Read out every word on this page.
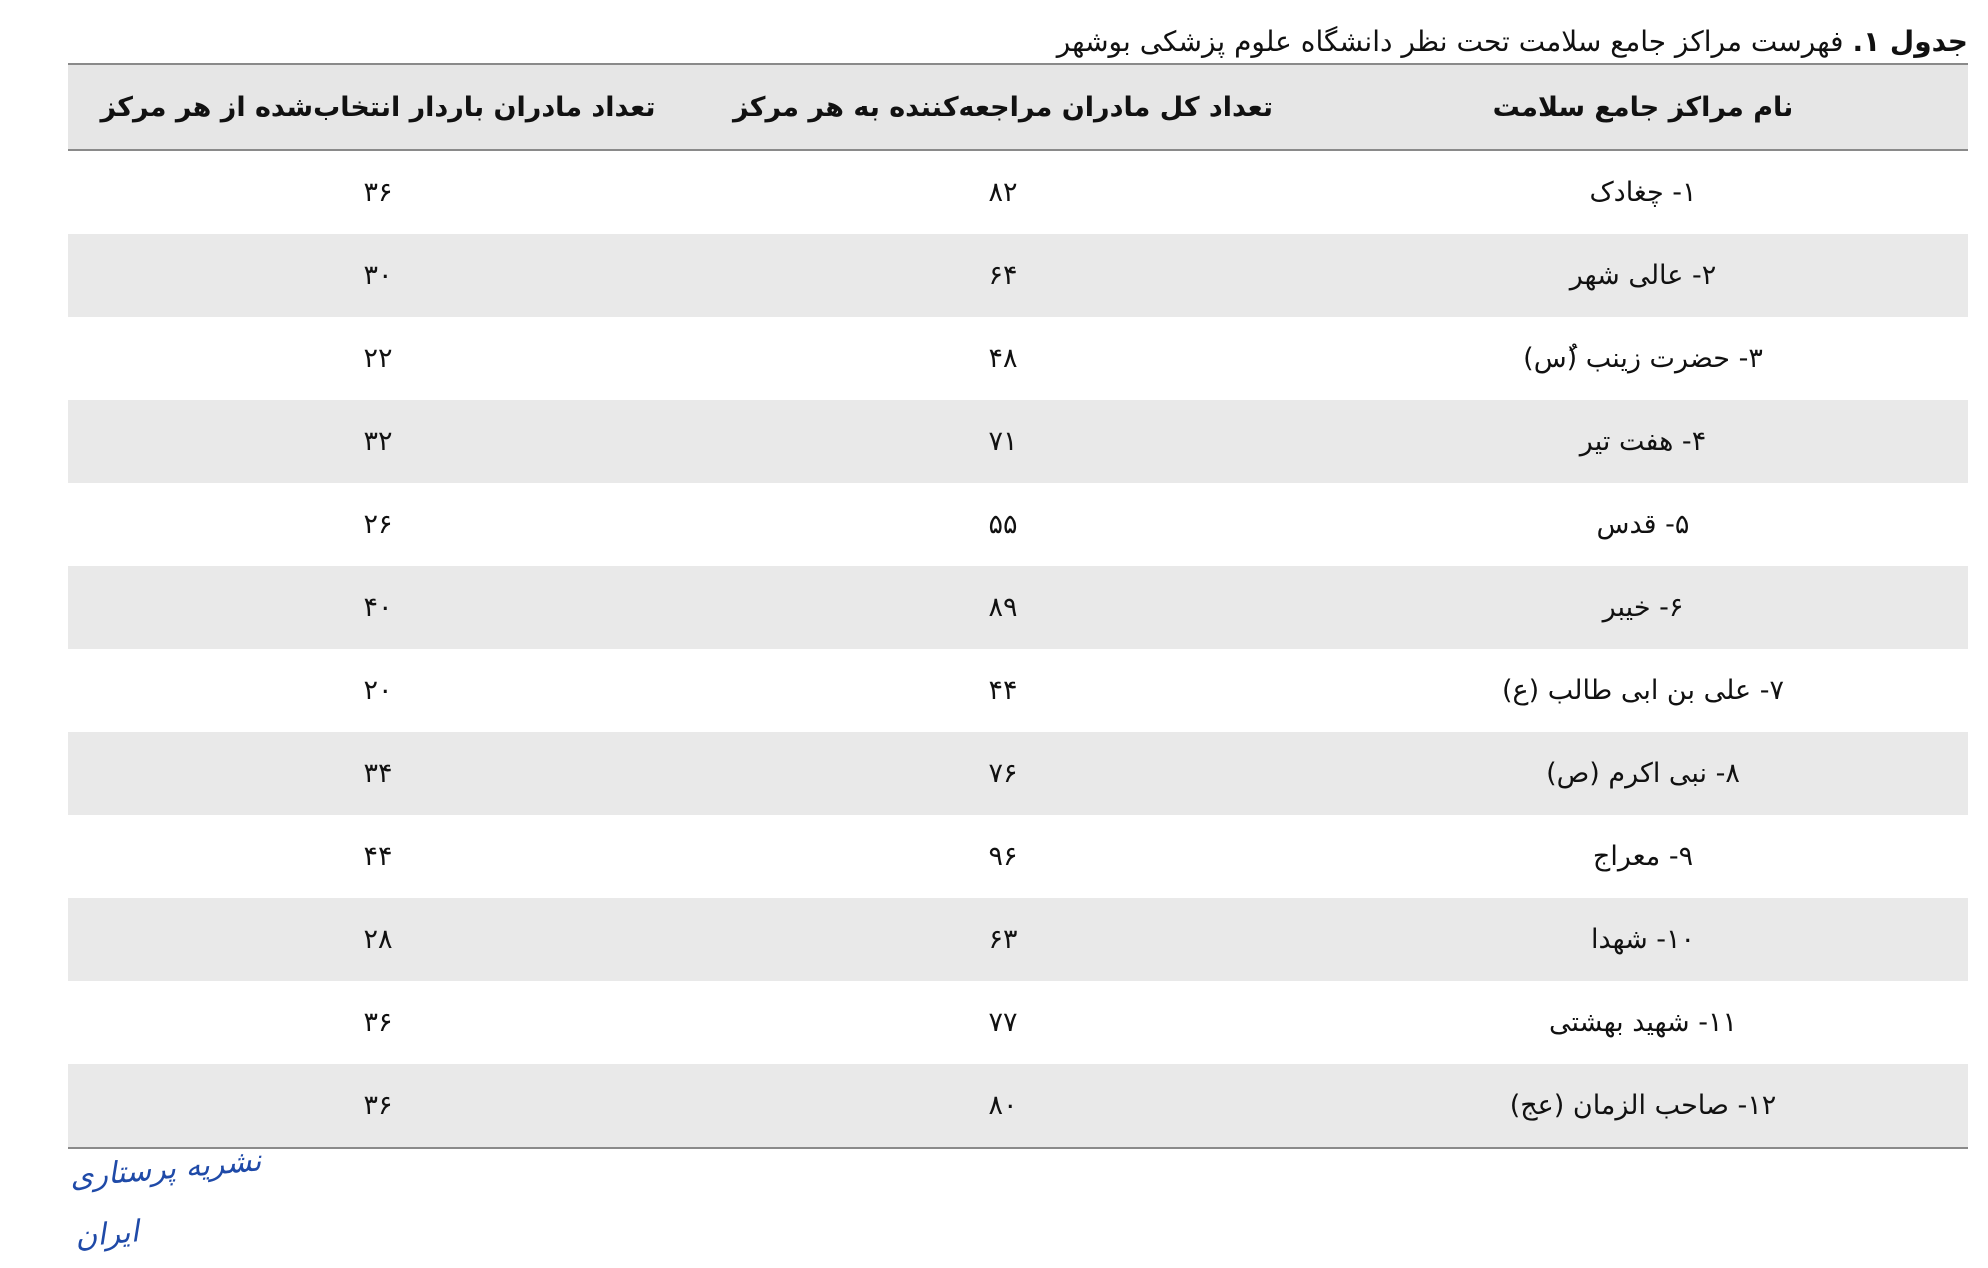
جدول ۱. فهرست مراکز جامع سلامت تحت نظر دانشگاه علوم پزشکی بوشهر
نام مراکز جامع سلامت
تعداد کل مادران مراجعه‌کننده به هر مرکز
تعداد مادران باردار انتخاب‌شده از هر مرکز
۱- چغادک
۸۲
۳۶
۲- عالی شهر
۶۴
۳۰
۳- حضرت زینب (ُس)
۴۸
۲۲
۴- هفت تیر
۷۱
۳۲
۵- قدس
۵۵
۲۶
۶- خیبر
۸۹
۴۰
۷- علی بن ابی طالب (ع)
۴۴
۲۰
۸- نبی اکرم (ص)
۷۶
۳۴
۹- معراج
۹۶
۴۴
۱۰- شهدا
۶۳
۲۸
۱۱- شهید بهشتی
۷۷
۳۶
۱۲- صاحب الزمان (عج)
۸۰
۳۶
نشریه پرستاری ایران
